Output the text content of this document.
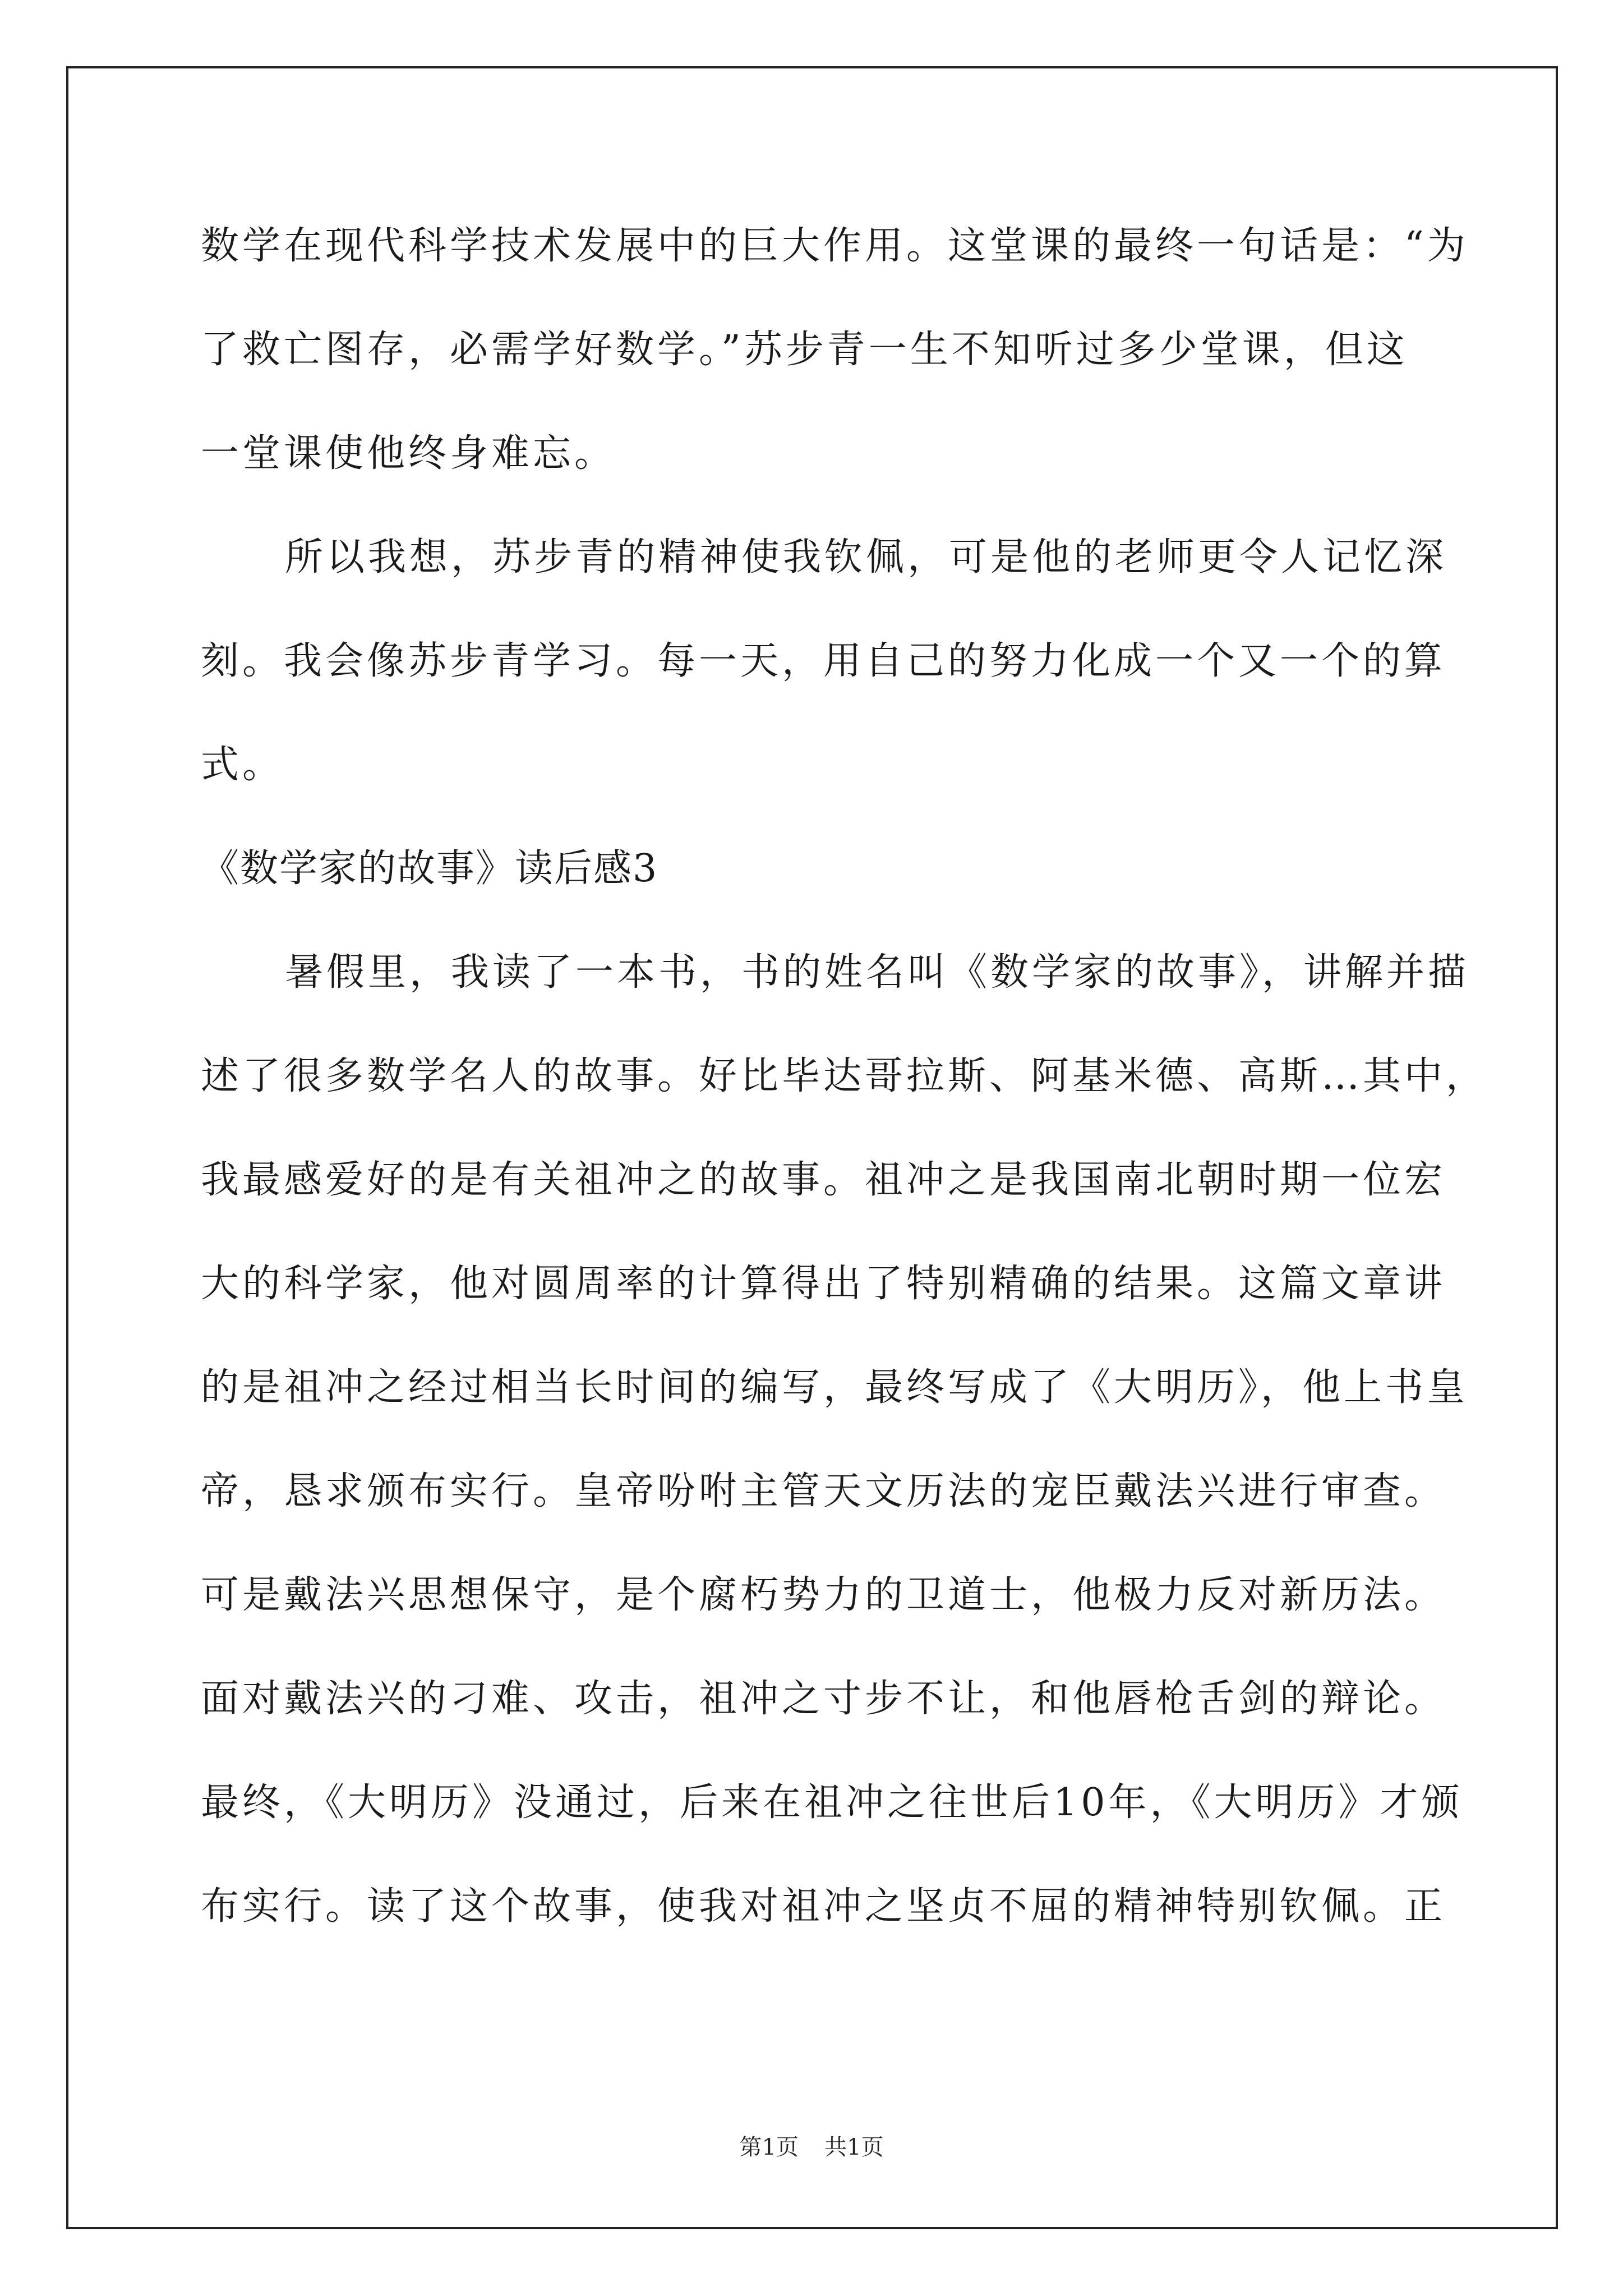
数学在现代科学技术发展中的巨大作用。这堂课的最终一句话是：“为
了救亡图存，必需学好数学。”苏步青一生不知听过多少堂课，但这
一堂课使他终身难忘。
所以我想，苏步青的精神使我钦佩，可是他的老师更令人记忆深
刻。我会像苏步青学习。每一天，用自己的努力化成一个又一个的算
式。
《数学家的故事》读后感3
暑假里，我读了一本书，书的姓名叫《数学家的故事》，讲解并描
述了很多数学名人的故事。好比毕达哥拉斯、阿基米德、高斯…其中，
我最感爱好的是有关祖冲之的故事。祖冲之是我国南北朝时期一位宏
大的科学家，他对圆周率的计算得出了特别精确的结果。这篇文章讲
的是祖冲之经过相当长时间的编写，最终写成了《大明历》，他上书皇
帝，恳求颁布实行。皇帝吩咐主管天文历法的宠臣戴法兴进行审查。
可是戴法兴思想保守，是个腐朽势力的卫道士，他极力反对新历法。
面对戴法兴的刁难、攻击，祖冲之寸步不让，和他唇枪舌剑的辩论。
最终，《大明历》没通过，后来在祖冲之往世后10年，《大明历》才颁
布实行。读了这个故事，使我对祖冲之坚贞不屈的精神特别钦佩。正
第1页 共1页
